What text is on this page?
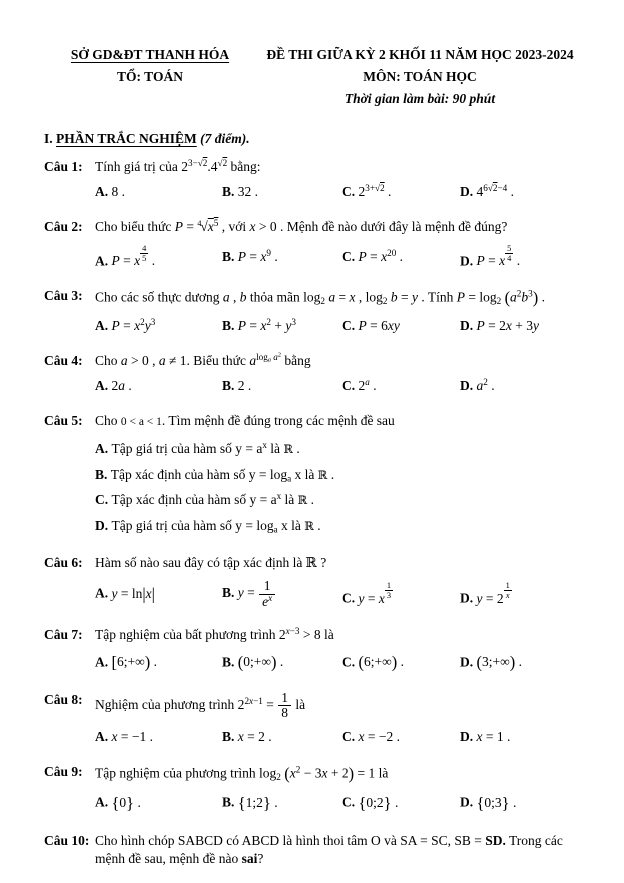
SỞ GD&ĐT THANH HÓA
TỔ: TOÁN
ĐỀ THI GIỮA KỲ 2 KHỐI 11 NĂM HỌC 2023-2024
MÔN: TOÁN HỌC
Thời gian làm bài: 90 phút
I. PHẦN TRẮC NGHIỆM (7 điểm).
Câu 1: Tính giá trị của $2^{3-√2}.4^{√2}$ bằng:
A. 8 .	B. 32 .	C. $2^{3+√2}$ .	D. $4^{6√2-4}$ .
Câu 2: Cho biểu thức $P = ^4√x^5$ , với x > 0 . Mệnh đề nào dưới đây là mệnh đề đúng?
A. P = x $\frac{4}{5}$ .	B. $P = x^9$ .	C. $P = x^{20}$ .	D. P = x $\frac{5}{4}$ .
Câu 3: Cho các số thực dương a , b thỏa mãn $\log_2 a = x$ , $\log_2 b = y$ . Tính $P = \log_2 (a^2b^3)$ .
A. $P = x^2y^3$	B. $P = x^2 + y^3$	C. P = 6xy	D. P = 2x + 3y
Câu 4: Cho a > 0 , a ≠ 1. Biểu thức $a^{log_a a^2}$ bằng
A. 2a .	B. 2 .	C. 2$^a$ .	D. $a^2$ .
Câu 5: Cho 0 < a < 1. Tìm mệnh đề đúng trong các mệnh đề sau
A. Tập giá trị của hàm số $y = a^x$ là ℝ .
B. Tập xác định của hàm số $y = \log_a x$ là ℝ .
C. Tập xác định của hàm số $y = a^x$ là ℝ .
D. Tập giá trị của hàm số $y = \log_a x$ là ℝ .
Câu 6: Hàm số nào sau đây có tập xác định là ℝ ?
A. y = ln|x|	B. $y = \frac{1}{e^x}$	C. y = x $\frac{1}{3}$	D. $y = 2 \frac{1}{x}$
Câu 7: Tập nghiệm của bất phương trình $2^{x-3} > 8$ là
A. [6;+∞) .	B. (0;+∞) .	C. (6;+∞) .	D. (3;+∞) .
Câu 8: Nghiệm của phương trình $2^{2x-1} = \frac{1}{8}$ là
A. x = −1 .	B. x = 2 .	C. x = −2 .	D. x = 1 .
Câu 9: Tập nghiệm của phương trình $\log_2 (x^2 - 3x + 2) = 1$ là
A. {0} .	B. {1;2} .	C. {0;2} .	D. {0;3} .
Câu 10: Cho hình chóp SABCD có ABCD là hình thoi tâm O và SA = SC, SB = SD. Trong các mệnh đề sau, mệnh đề nào sai?
